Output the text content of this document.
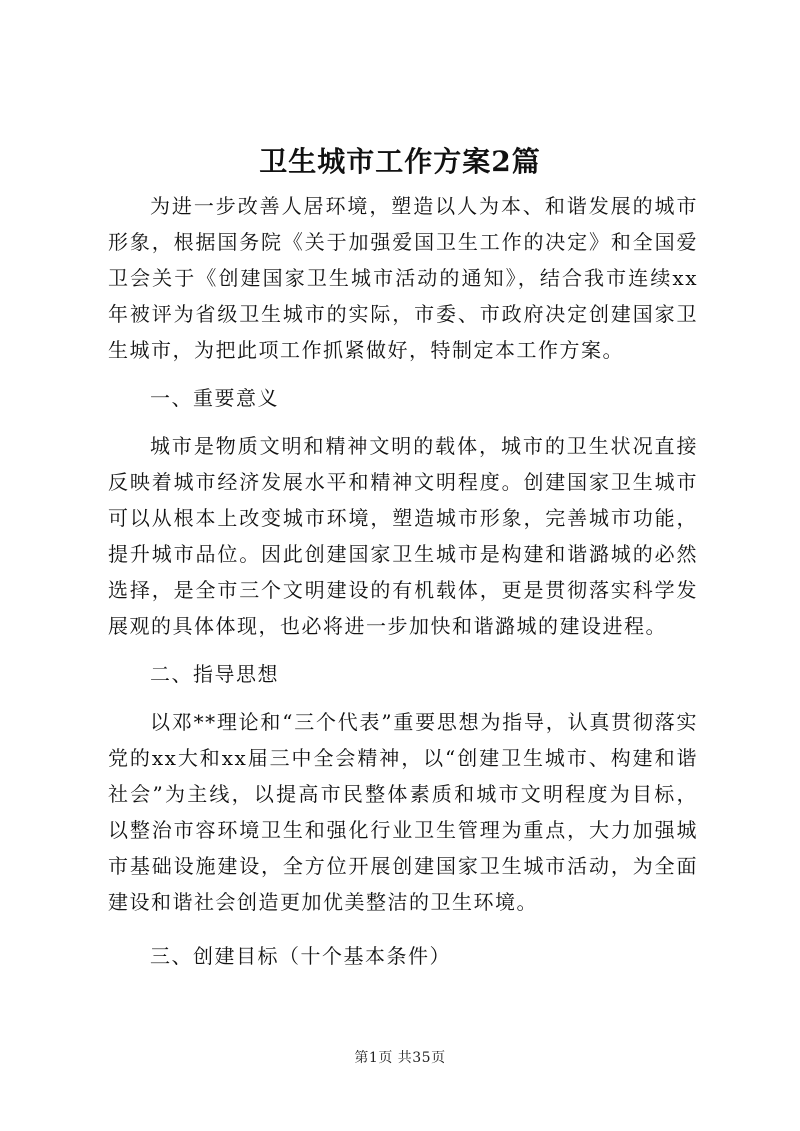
卫生城市工作方案2篇

为进一步改善人居环境，塑造以人为本、和谐发展的城市形象，根据国务院《关于加强爱国卫生工作的决定》和全国爱卫会关于《创建国家卫生城市活动的通知》，结合我市连续xx年被评为省级卫生城市的实际，市委、市政府决定创建国家卫生城市，为把此项工作抓紧做好，特制定本工作方案。

一、重要意义

城市是物质文明和精神文明的载体，城市的卫生状况直接反映着城市经济发展水平和精神文明程度。创建国家卫生城市可以从根本上改变城市环境，塑造城市形象，完善城市功能，提升城市品位。因此创建国家卫生城市是构建和谐潞城的必然选择，是全市三个文明建设的有机载体，更是贯彻落实科学发展观的具体体现，也必将进一步加快和谐潞城的建设进程。

二、指导思想

以邓**理论和“三个代表”重要思想为指导，认真贯彻落实党的xx大和xx届三中全会精神，以“创建卫生城市、构建和谐社会”为主线，以提高市民整体素质和城市文明程度为目标，以整治市容环境卫生和强化行业卫生管理为重点，大力加强城市基础设施建设，全方位开展创建国家卫生城市活动，为全面建设和谐社会创造更加优美整洁的卫生环境。

三、创建目标（十个基本条件）

第1页 共35页
